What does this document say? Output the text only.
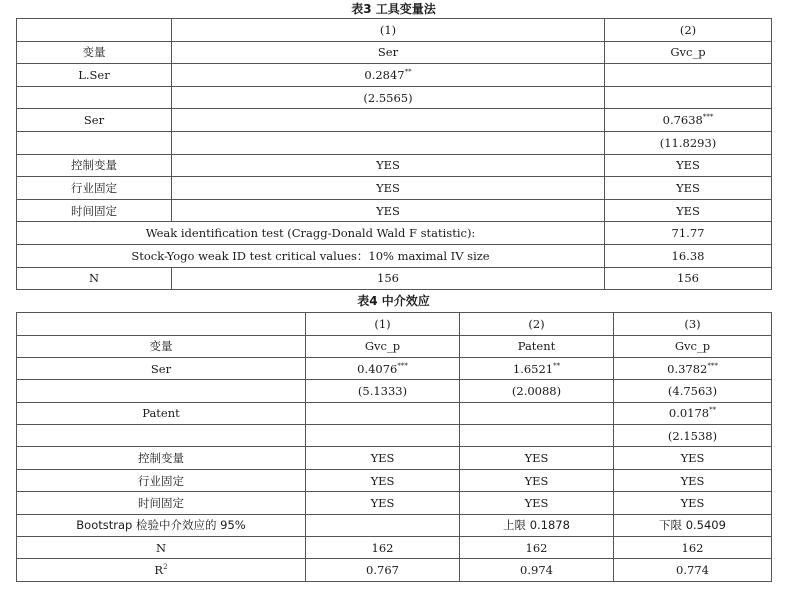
表3 工具变量法
	(1)	(2)
变量	Ser	Gvc_p
L.Ser	0.2847**	
	(2.5565)	
Ser		0.7638***
		(11.8293)
控制变量	YES	YES
行业固定	YES	YES
时间固定	YES	YES
Weak identification test (Cragg-Donald Wald F statistic):		71.77
Stock-Yogo weak ID test critical values：10% maximal IV size		16.38
N	156	156
表4 中介效应
	(1)	(2)	(3)
变量	Gvc_p	Patent	Gvc_p
Ser	0.4076***	1.6521**	0.3782***
	(5.1333)	(2.0088)	(4.7563)
Patent			0.0178**
			(2.1538)
控制变量	YES	YES	YES
行业固定	YES	YES	YES
时间固定	YES	YES	YES
Bootstrap 检验中介效应的 95%		上限 0.1878	下限 0.5409
N	162	162	162
$R^2$	0.767	0.974	0.774
